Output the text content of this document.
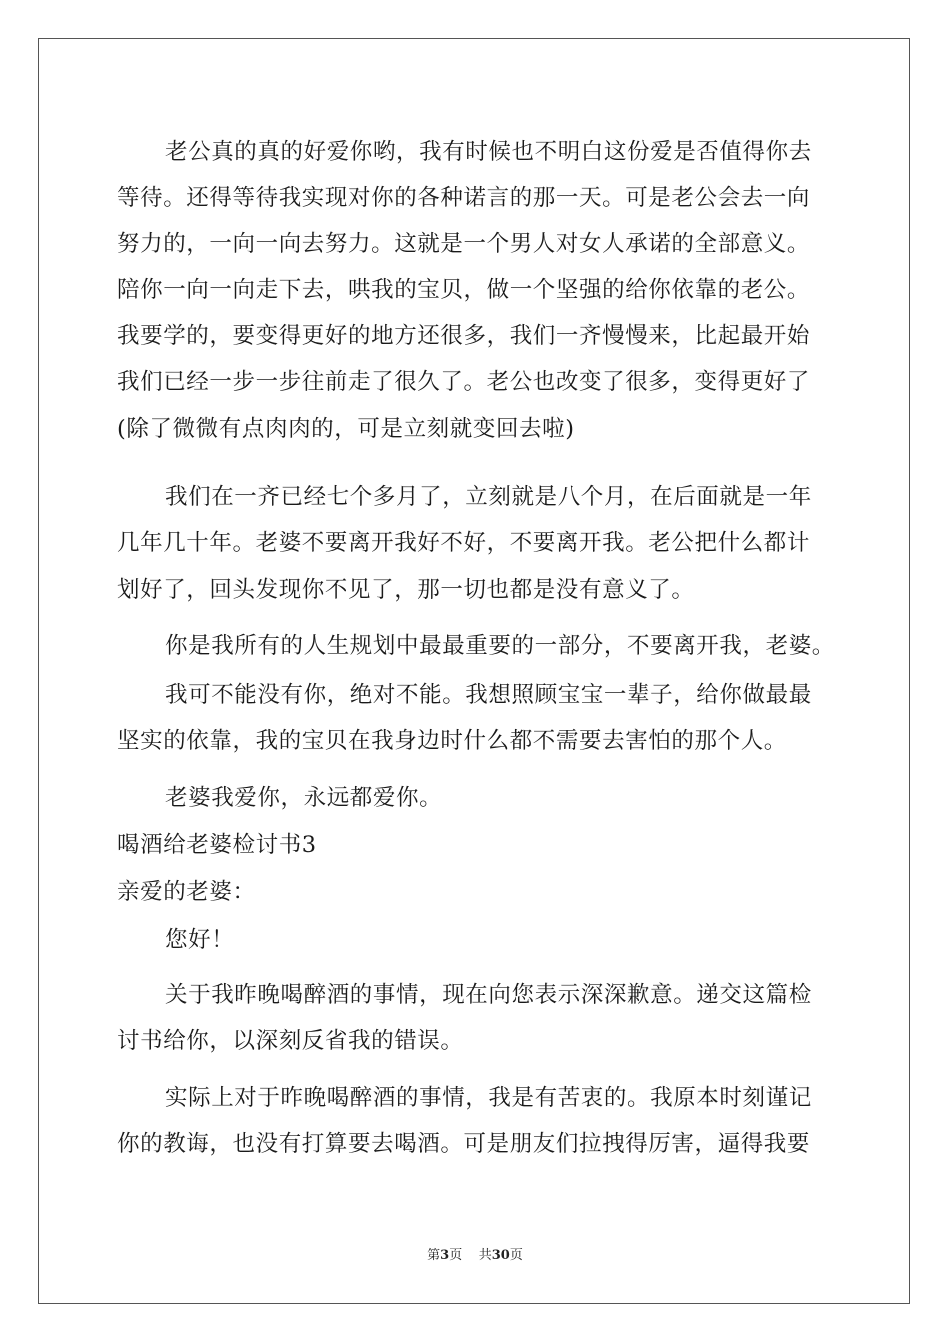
老公真的真的好爱你哟，我有时候也不明白这份爱是否值得你去
等待。还得等待我实现对你的各种诺言的那一天。可是老公会去一向
努力的，一向一向去努力。这就是一个男人对女人承诺的全部意义。
陪你一向一向走下去，哄我的宝贝，做一个坚强的给你依靠的老公。
我要学的，要变得更好的地方还很多，我们一齐慢慢来，比起最开始
我们已经一步一步往前走了很久了。老公也改变了很多，变得更好了
(除了微微有点肉肉的，可是立刻就变回去啦)
我们在一齐已经七个多月了，立刻就是八个月，在后面就是一年
几年几十年。老婆不要离开我好不好，不要离开我。老公把什么都计
划好了，回头发现你不见了，那一切也都是没有意义了。
你是我所有的人生规划中最最重要的一部分，不要离开我，老婆。
我可不能没有你，绝对不能。我想照顾宝宝一辈子，给你做最最
坚实的依靠，我的宝贝在我身边时什么都不需要去害怕的那个人。
老婆我爱你，永远都爱你。
喝酒给老婆检讨书3
亲爱的老婆：
您好！
关于我昨晚喝醉酒的事情，现在向您表示深深歉意。递交这篇检
讨书给你，以深刻反省我的错误。
实际上对于昨晚喝醉酒的事情，我是有苦衷的。我原本时刻谨记
你的教诲，也没有打算要去喝酒。可是朋友们拉拽得厉害，逼得我要
第3页 共30页
